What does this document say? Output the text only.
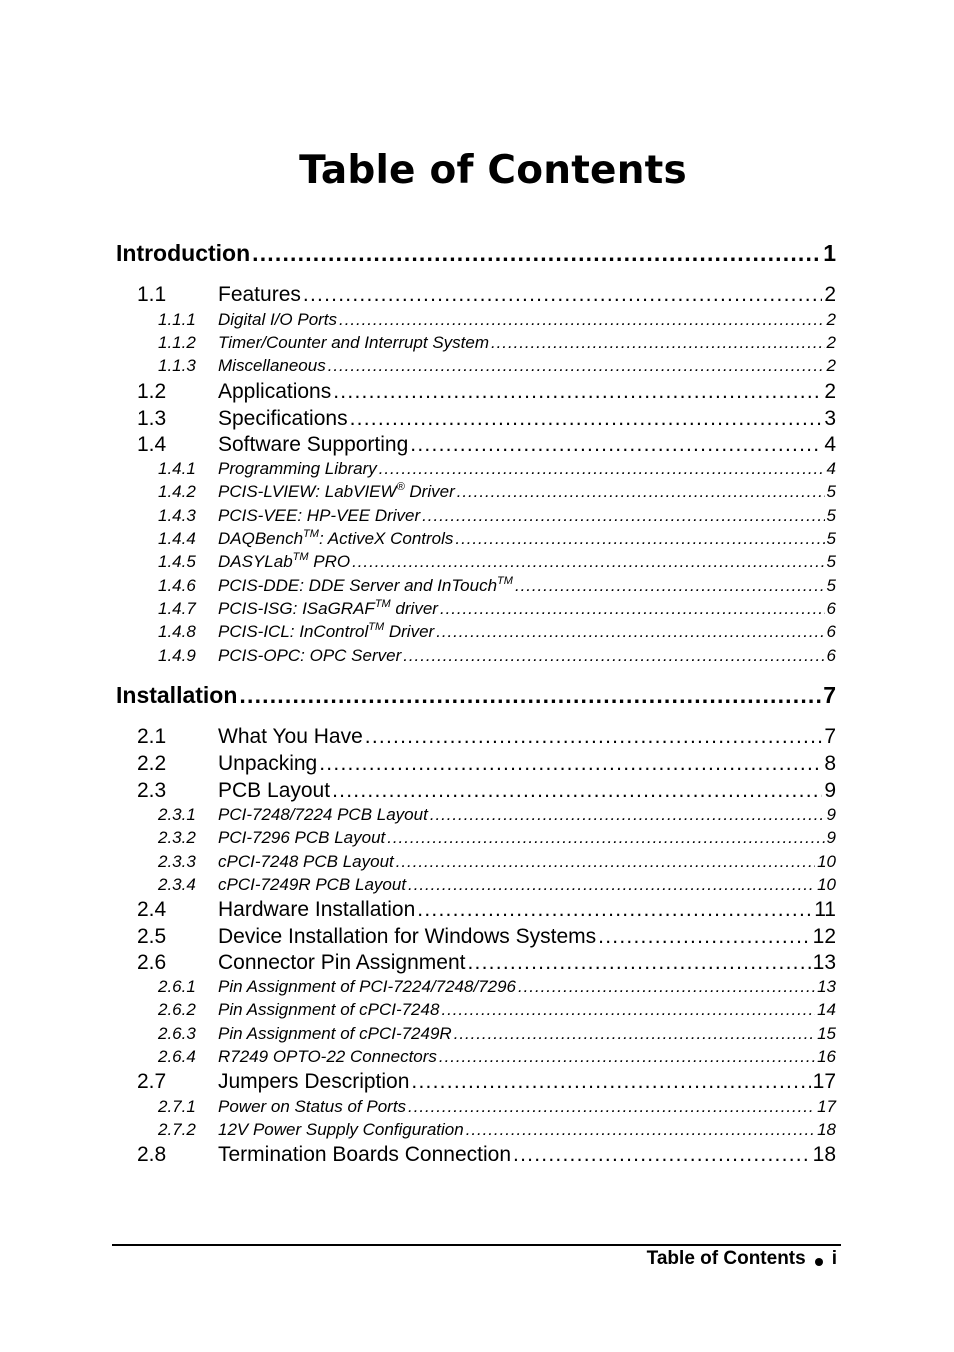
Table of Contents
Introduction . . .	1
1.1	Features . . .	2
1.1.1	Digital I/O Ports . . .	2
1.1.2	Timer/Counter and Interrupt System . . .	2
1.1.3	Miscellaneous . . .	2
1.2	Applications . . .	2
1.3	Specifications . . .	3
1.4	Software Supporting . . .	4
1.4.1	Programming Library . . .	4
1.4.2	PCIS-LVIEW: LabVIEW® Driver . . .	5
1.4.3	PCIS-VEE: HP-VEE Driver . . .	5
1.4.4	DAQBench™: ActiveX Controls . . .	5
1.4.5	DASYLab™ PRO . . .	5
1.4.6	PCIS-DDE: DDE Server and InTouch™ . . .	5
1.4.7	PCIS-ISG: ISaGRAF™ driver . . .	6
1.4.8	PCIS-ICL: InControl™ Driver . . .	6
1.4.9	PCIS-OPC: OPC Server . . .	6
Installation . . .	7
2.1	What You Have . . .	7
2.2	Unpacking . . .	8
2.3	PCB Layout . . .	9
2.3.1	PCI-7248/7224 PCB Layout . . .	9
2.3.2	PCI-7296 PCB Layout . . .	9
2.3.3	cPCI-7248 PCB Layout . . .	10
2.3.4	cPCI-7249R PCB Layout . . .	10
2.4	Hardware Installation . . .	11
2.5	Device Installation for Windows Systems . . .	12
2.6	Connector Pin Assignment . . .	13
2.6.1	Pin Assignment of PCI-7224/7248/7296 . . .	13
2.6.2	Pin Assignment of cPCI-7248 . . .	14
2.6.3	Pin Assignment of cPCI-7249R . . .	15
2.6.4	R7249 OPTO-22 Connectors . . .	16
2.7	Jumpers Description . . .	17
2.7.1	Power on Status of Ports . . .	17
2.7.2	12V Power Supply Configuration . . .	18
2.8	Termination Boards Connection . . .	18
Table of Contents i
